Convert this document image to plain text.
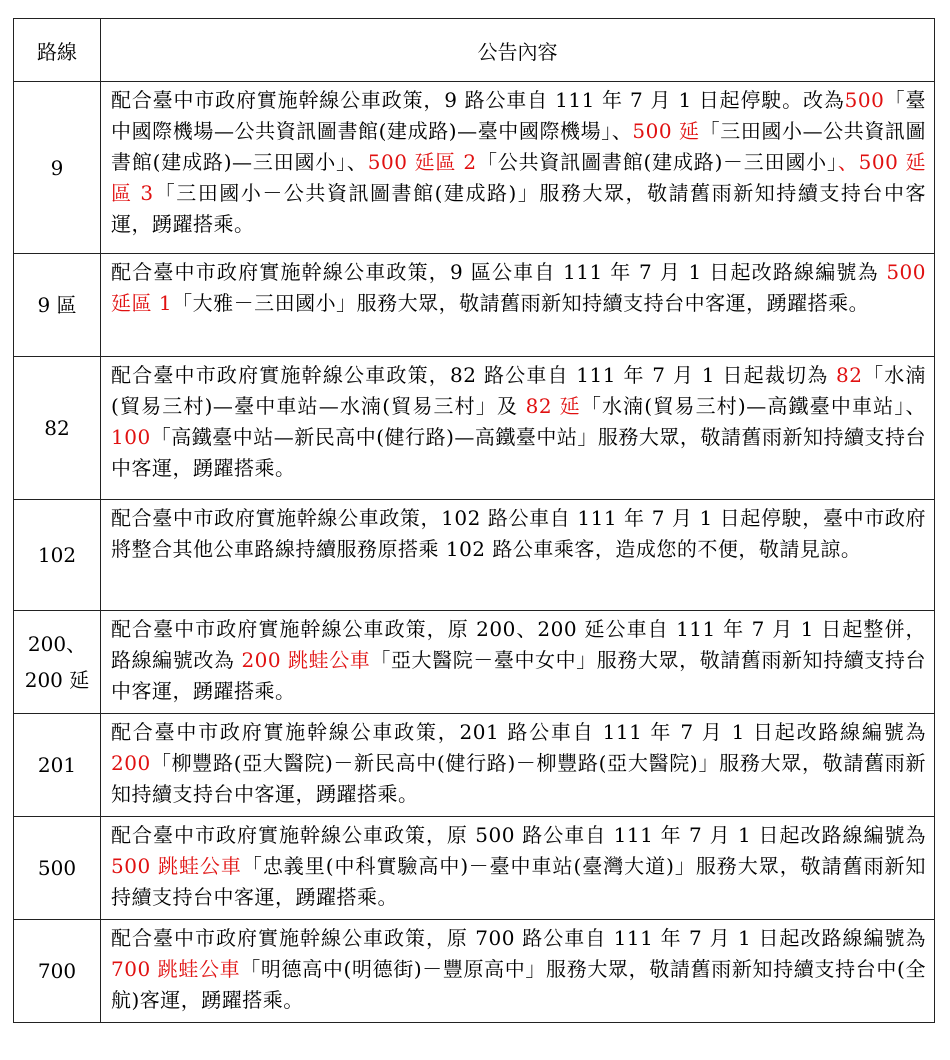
路線	公告內容
9	配合臺中市政府實施幹線公車政策，9 路公車自 111 年 7 月 1 日起停駛。改為500「臺中國際機場—公共資訊圖書館(建成路)—臺中國際機場」、500 延「三田國小—公共資訊圖書館(建成路)—三田國小」、500 延區 2「公共資訊圖書館(建成路)－三田國小」、500 延區 3「三田國小－公共資訊圖書館(建成路)」服務大眾，敬請舊雨新知持續支持台中客運，踴躍搭乘。
9 區	配合臺中市政府實施幹線公車政策，9 區公車自 111 年 7 月 1 日起改路線編號為 500 延區 1「大雅－三田國小」服務大眾，敬請舊雨新知持續支持台中客運，踴躍搭乘。
82	配合臺中市政府實施幹線公車政策，82 路公車自 111 年 7 月 1 日起裁切為 82「水湳(貿易三村)—臺中車站—水湳(貿易三村」及 82 延「水湳(貿易三村)—高鐵臺中車站」、100「高鐵臺中站—新民高中(健行路)—高鐵臺中站」服務大眾，敬請舊雨新知持續支持台中客運，踴躍搭乘。
102	配合臺中市政府實施幹線公車政策，102 路公車自 111 年 7 月 1 日起停駛，臺中市政府將整合其他公車路線持續服務原搭乘 102 路公車乘客，造成您的不便，敬請見諒。

200、
200 延	配合臺中市政府實施幹線公車政策，原 200、200 延公車自 111 年 7 月 1 日起整併，路線編號改為 200 跳蛙公車「亞大醫院－臺中女中」服務大眾，敬請舊雨新知持續支持台中客運，踴躍搭乘。
201	配合臺中市政府實施幹線公車政策，201 路公車自 111 年 7 月 1 日起改路線編號為 200「柳豐路(亞大醫院)－新民高中(健行路)－柳豐路(亞大醫院)」服務大眾，敬請舊雨新知持續支持台中客運，踴躍搭乘。
500	配合臺中市政府實施幹線公車政策，原 500 路公車自 111 年 7 月 1 日起改路線編號為 500 跳蛙公車「忠義里(中科實驗高中)－臺中車站(臺灣大道)」服務大眾，敬請舊雨新知持續支持台中客運，踴躍搭乘。
700	配合臺中市政府實施幹線公車政策，原 700 路公車自 111 年 7 月 1 日起改路線編號為 700 跳蛙公車「明德高中(明德街)－豐原高中」服務大眾，敬請舊雨新知持續支持台中(全航)客運，踴躍搭乘。
